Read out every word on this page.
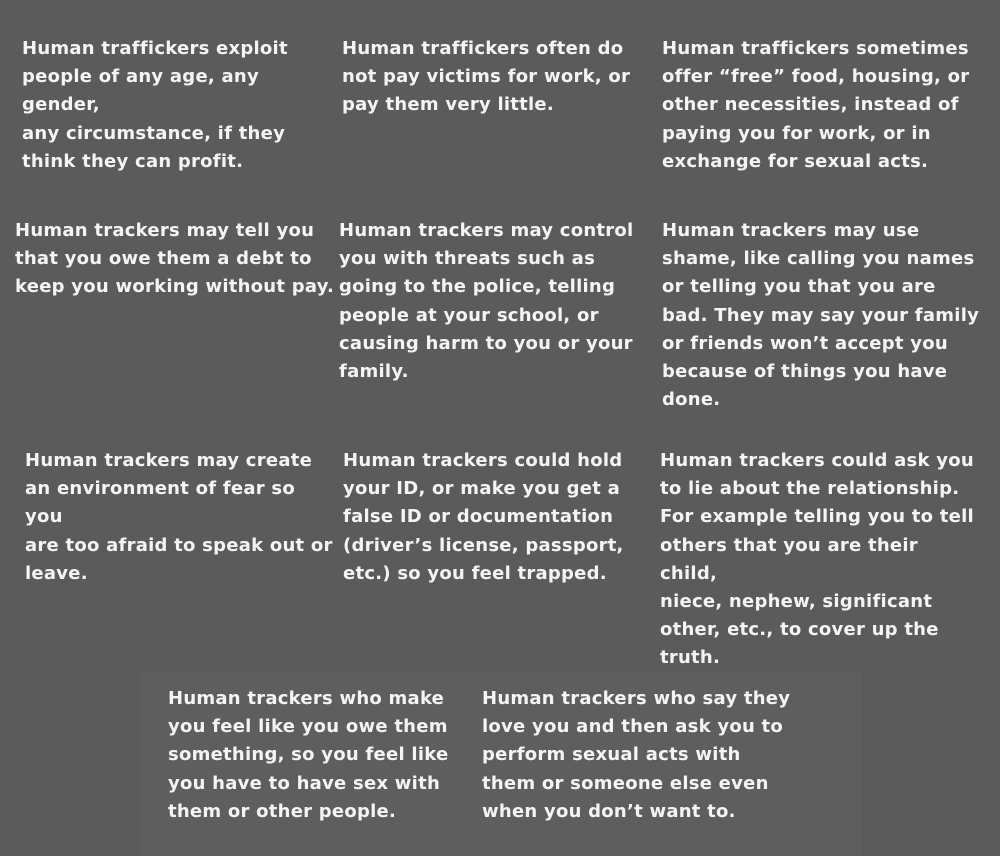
Human traffickers exploit
people of any age, any gender,
any circumstance, if they
think they can profit.

Human traffickers often do
not pay victims for work, or
pay them very little.

Human traffickers sometimes
offer “free” food, housing, or
other necessities, instead of
paying you for work, or in
exchange for sexual acts.

Human trackers may tell you
that you owe them a debt to
keep you working without pay.

Human trackers may control
you with threats such as
going to the police, telling
people at your school, or
causing harm to you or your
family.

Human trackers may use
shame, like calling you names
or telling you that you are
bad. They may say your family
or friends won’t accept you
because of things you have
done.

Human trackers may create
an environment of fear so you
are too afraid to speak out or
leave.

Human trackers could hold
your ID, or make you get a
false ID or documentation
(driver’s license, passport,
etc.) so you feel trapped.

Human trackers could ask you
to lie about the relationship.
For example telling you to tell
others that you are their child,
niece, nephew, significant
other, etc., to cover up the
truth.

Human trackers who make
you feel like you owe them
something, so you feel like
you have to have sex with
them or other people.

Human trackers who say they
love you and then ask you to
perform sexual acts with
them or someone else even
when you don’t want to.
